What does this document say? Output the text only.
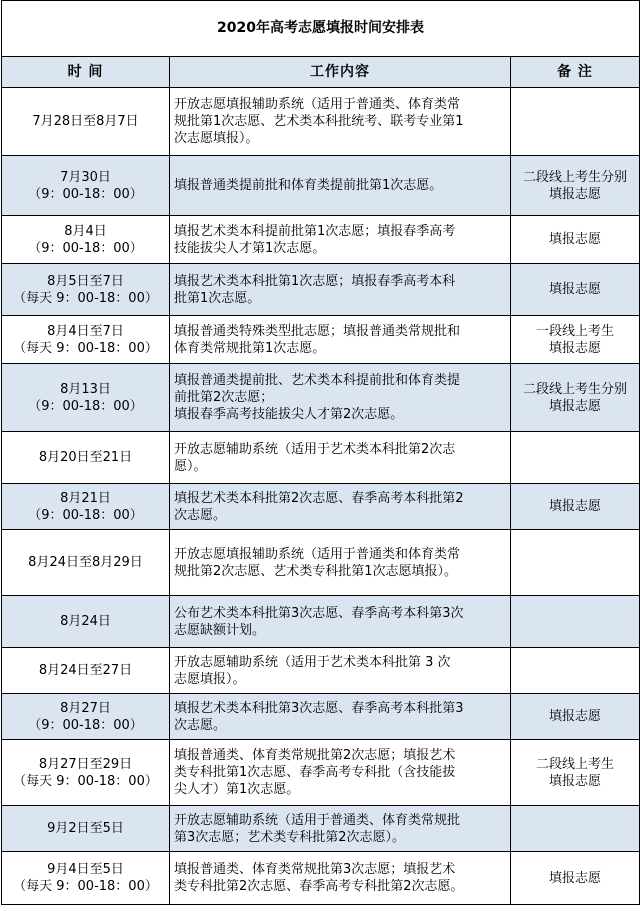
2020年高考志愿填报时间安排表		
时 间	工作内容	备 注

7月28日至8月7日	开放志愿填报辅助系统（适用于普通类、体育类常
规批第1次志愿、艺术类本科批统考、联考专业第1
次志愿填报）。	

7月30日
（9：00-18：00）	填报普通类提前批和体育类提前批第1次志愿。	二段线上考生分别
填报志愿

8月4日
（9：00-18：00）	填报艺术类本科提前批第1次志愿；填报春季高考
技能拔尖人才第1次志愿。	填报志愿

8月5日至7日
（每天 9：00-18：00）	填报艺术类本科批第1次志愿；填报春季高考本科
批第1次志愿。	填报志愿

8月4日至7日
（每天 9：00-18：00）	填报普通类特殊类型批志愿；填报普通类常规批和
体育类常规批第1次志愿。	一段线上考生
填报志愿

8月13日
（9：00-18：00）	填报普通类提前批、艺术类本科提前批和体育类提
前批第2次志愿；
填报春季高考技能拔尖人才第2次志愿。	二段线上考生分别
填报志愿

8月20日至21日	开放志愿辅助系统（适用于艺术类本科批第2次志
愿）。	

8月21日
（9：00-18：00）	填报艺术类本科批第2次志愿、春季高考本科批第2
次志愿。	填报志愿

8月24日至8月29日	开放志愿填报辅助系统（适用于普通类和体育类常
规批第2次志愿、艺术类专科批第1次志愿填报）。	

8月24日	公布艺术类本科批第3次志愿、春季高考本科第3次
志愿缺额计划。	

8月24日至27日	开放志愿辅助系统（适用于艺术类本科批第 3 次
志愿填报）。	

8月27日
（9：00-18：00）	填报艺术类本科批第3次志愿、春季高考本科批第3
次志愿。	填报志愿

8月27日至29日
（每天 9：00-18：00）	填报普通类、体育类常规批第2次志愿；填报艺术
类专科批第1次志愿、春季高考专科批（含技能拔
尖人才）第1次志愿。	二段线上考生
填报志愿

9月2日至5日	开放志愿辅助系统（适用于普通类、体育类常规批
第3次志愿；艺术类专科批第2次志愿）。	

9月4日至5日
（每天 9：00-18：00）	填报普通类、体育类常规批第3次志愿；填报艺术
类专科批第2次志愿、春季高考专科批第2次志愿。	填报志愿
